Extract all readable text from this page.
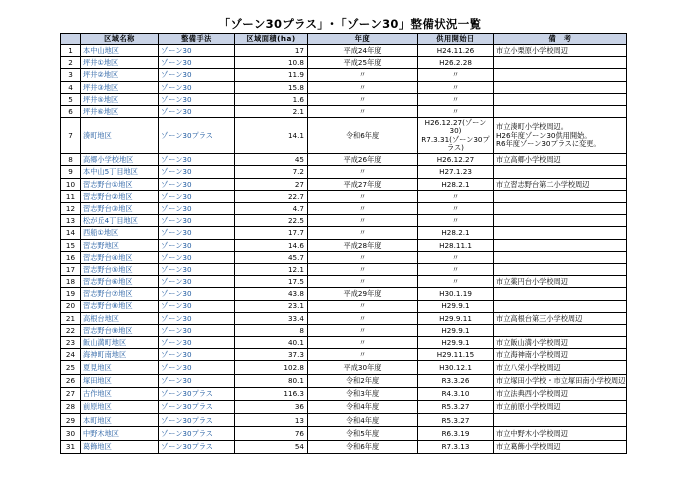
「ゾーン30プラス」･「ゾーン30」整備状況一覧
	区域名称	整備手法	区域面積(ha)	年度	供用開始日	備　考
1	本中山地区	ゾーン30	17	平成24年度	H24.11.26	市立小栗原小学校周辺

2	坪井①地区	ゾーン30	10.8	平成25年度	H26.2.28	

3	坪井②地区	ゾーン30	11.9	〃	〃	

4	坪井③地区	ゾーン30	15.8	〃	〃	

5	坪井⑤地区	ゾーン30	1.6	〃	〃	

6	坪井⑥地区	ゾーン30	2.1	〃	〃	

7	湊町地区	ゾーン30プラス	14.1	令和6年度	H26.12.27(ゾーン30)
R7.3.31(ゾーン30プラス)	市立湊町小学校周辺。
H26年度ゾーン30供用開始。
R6年度ゾーン30プラスに変更。

8	高郷小学校地区	ゾーン30	45	平成26年度	H26.12.27	市立高郷小学校周辺

9	本中山5丁目地区	ゾーン30	7.2	〃	H27.1.23	

10	習志野台①地区	ゾーン30	27	平成27年度	H28.2.1	市立習志野台第二小学校周辺

11	習志野台②地区	ゾーン30	22.7	〃	〃	

12	習志野台③地区	ゾーン30	4.7	〃	〃	

13	松が丘4丁目地区	ゾーン30	22.5	〃	〃	

14	西船①地区	ゾーン30	17.7	〃	H28.2.1	

15	習志野地区	ゾーン30	14.6	平成28年度	H28.11.1	

16	習志野台④地区	ゾーン30	45.7	〃	〃	

17	習志野台⑤地区	ゾーン30	12.1	〃	〃	

18	習志野台⑥地区	ゾーン30	17.5	〃	〃	市立薬円台小学校周辺

19	習志野台⑦地区	ゾーン30	43.8	平成29年度	H30.1.19	

20	習志野台⑧地区	ゾーン30	23.1	〃	H29.9.1	

21	高根台地区	ゾーン30	33.4	〃	H29.9.11	市立高根台第三小学校周辺

22	習志野台⑨地区	ゾーン30	8	〃	H29.9.1	

23	飯山満町地区	ゾーン30	40.1	〃	H29.9.1	市立飯山満小学校周辺

24	海神町南地区	ゾーン30	37.3	〃	H29.11.15	市立海神南小学校周辺

25	夏見地区	ゾーン30	102.8	平成30年度	H30.12.1	市立八栄小学校周辺

26	塚田地区	ゾーン30	80.1	令和2年度	R3.3.26	市立塚田小学校・市立塚田南小学校周辺

27	古作地区	ゾーン30プラス	116.3	令和3年度	R4.3.10	市立法典西小学校周辺

28	前原地区	ゾーン30プラス	36	令和4年度	R5.3.27	市立前原小学校周辺

29	本町地区	ゾーン30プラス	13	令和4年度	R5.3.27	

30	中野木地区	ゾーン30プラス	76	令和5年度	R6.3.19	市立中野木小学校周辺

31	葛飾地区	ゾーン30プラス	54	令和6年度	R7.3.13	市立葛飾小学校周辺
